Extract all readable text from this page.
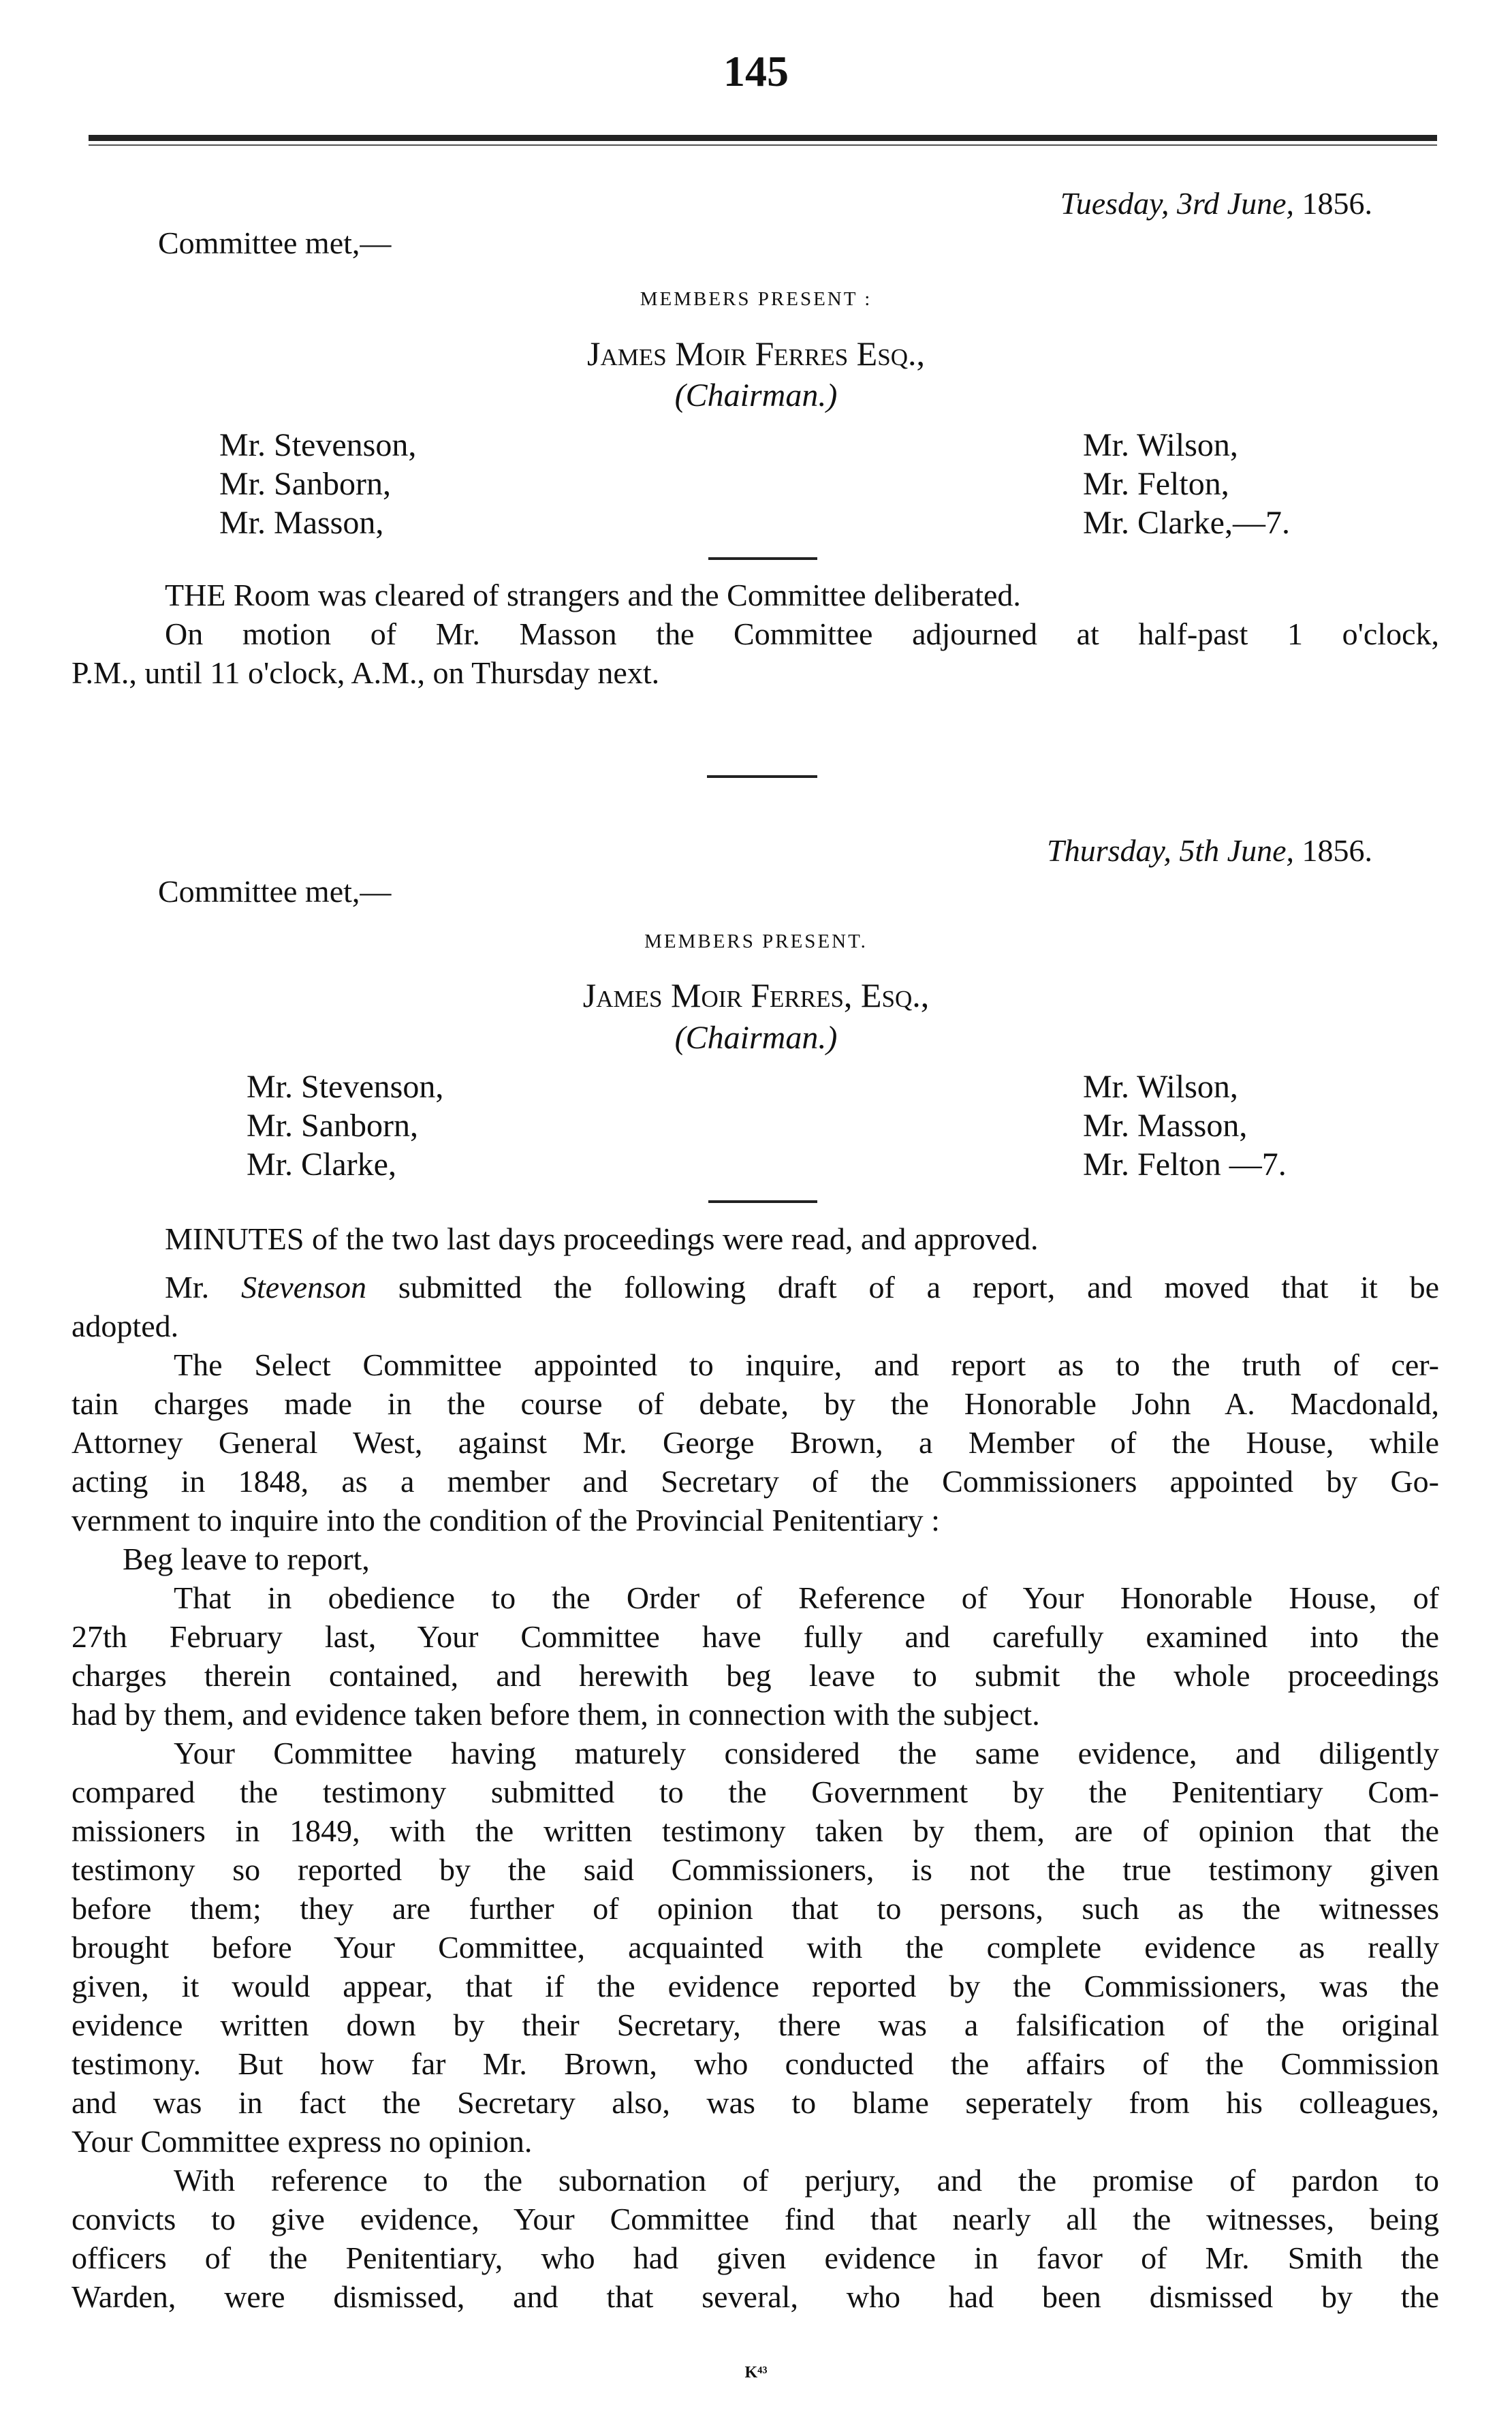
145
Tuesday, 3rd June, 1856.
Committee met,—
MEMBERS PRESENT :
James Moir Ferres Esq.,
(Chairman.)
Mr. Stevenson,
Mr. Sanborn,
Mr. Masson,
Mr. Wilson,
Mr. Felton,
Mr. Clarke,—7.
THE Room was cleared of strangers and the Committee deliberated.
On motion of Mr. Masson the Committee adjourned at half-past 1 o'clock,
P.M., until 11 o'clock, A.M., on Thursday next.
Thursday, 5th June, 1856.
Committee met,—
MEMBERS PRESENT.
James Moir Ferres, Esq.,
(Chairman.)
Mr. Stevenson,
Mr. Sanborn,
Mr. Clarke,
Mr. Wilson,
Mr. Masson,
Mr. Felton —7.
MINUTES of the two last days proceedings were read, and approved.
Mr. Stevenson submitted the following draft of a report, and moved that it be
adopted.
The Select Committee appointed to inquire, and report as to the truth of cer-
tain charges made in the course of debate, by the Honorable John A. Macdonald,
Attorney General West, against Mr. George Brown, a Member of the House, while
acting in 1848, as a member and Secretary of the Commissioners appointed by Go-
vernment to inquire into the condition of the Provincial Penitentiary :
Beg leave to report,
That in obedience to the Order of Reference of Your Honorable House, of
27th February last, Your Committee have fully and carefully examined into the
charges therein contained, and herewith beg leave to submit the whole proceedings
had by them, and evidence taken before them, in connection with the subject.
Your Committee having maturely considered the same evidence, and diligently
compared the testimony submitted to the Government by the Penitentiary Com-
missioners in 1849, with the written testimony taken by them, are of opinion that the
testimony so reported by the said Commissioners, is not the true testimony given
before them; they are further of opinion that to persons, such as the witnesses
brought before Your Committee, acquainted with the complete evidence as really
given, it would appear, that if the evidence reported by the Commissioners, was the
evidence written down by their Secretary, there was a falsification of the original
testimony. But how far Mr. Brown, who conducted the affairs of the Commission
and was in fact the Secretary also, was to blame seperately from his colleagues,
Your Committee express no opinion.
With reference to the subornation of perjury, and the promise of pardon to
convicts to give evidence, Your Committee find that nearly all the witnesses, being
officers of the Penitentiary, who had given evidence in favor of Mr. Smith the
Warden, were dismissed, and that several, who had been dismissed by the
K⁴³
